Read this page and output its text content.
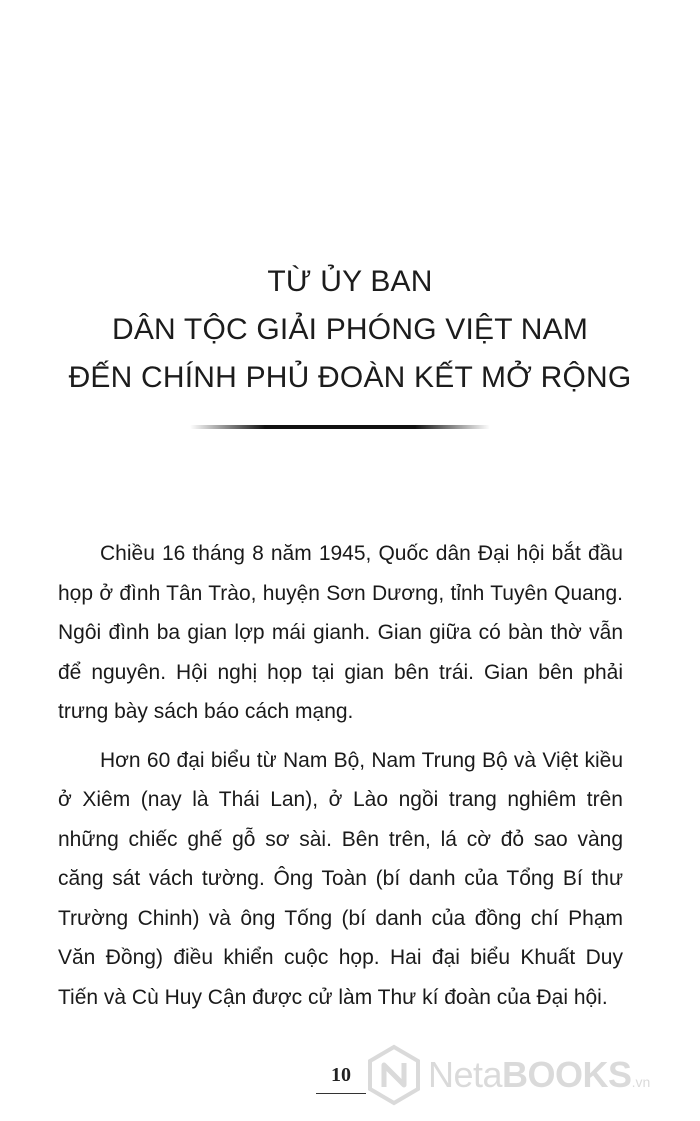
TỪ ỦY BAN
DÂN TỘC GIẢI PHÓNG VIỆT NAM
ĐẾN CHÍNH PHỦ ĐOÀN KẾT MỞ RỘNG

Chiều 16 tháng 8 năm 1945, Quốc dân Đại hội bắt đầu họp ở đình Tân Trào, huyện Sơn Dương, tỉnh Tuyên Quang. Ngôi đình ba gian lợp mái gianh. Gian giữa có bàn thờ vẫn để nguyên. Hội nghị họp tại gian bên trái. Gian bên phải trưng bày sách báo cách mạng.

Hơn 60 đại biểu từ Nam Bộ, Nam Trung Bộ và Việt kiều ở Xiêm (nay là Thái Lan), ở Lào ngồi trang nghiêm trên những chiếc ghế gỗ sơ sài. Bên trên, lá cờ đỏ sao vàng căng sát vách tường. Ông Toàn (bí danh của Tổng Bí thư Trường Chinh) và ông Tống (bí danh của đồng chí Phạm Văn Đồng) điều khiển cuộc họp. Hai đại biểu Khuất Duy Tiến và Cù Huy Cận được cử làm Thư kí đoàn của Đại hội.

10	NetaBOOKS.vn
